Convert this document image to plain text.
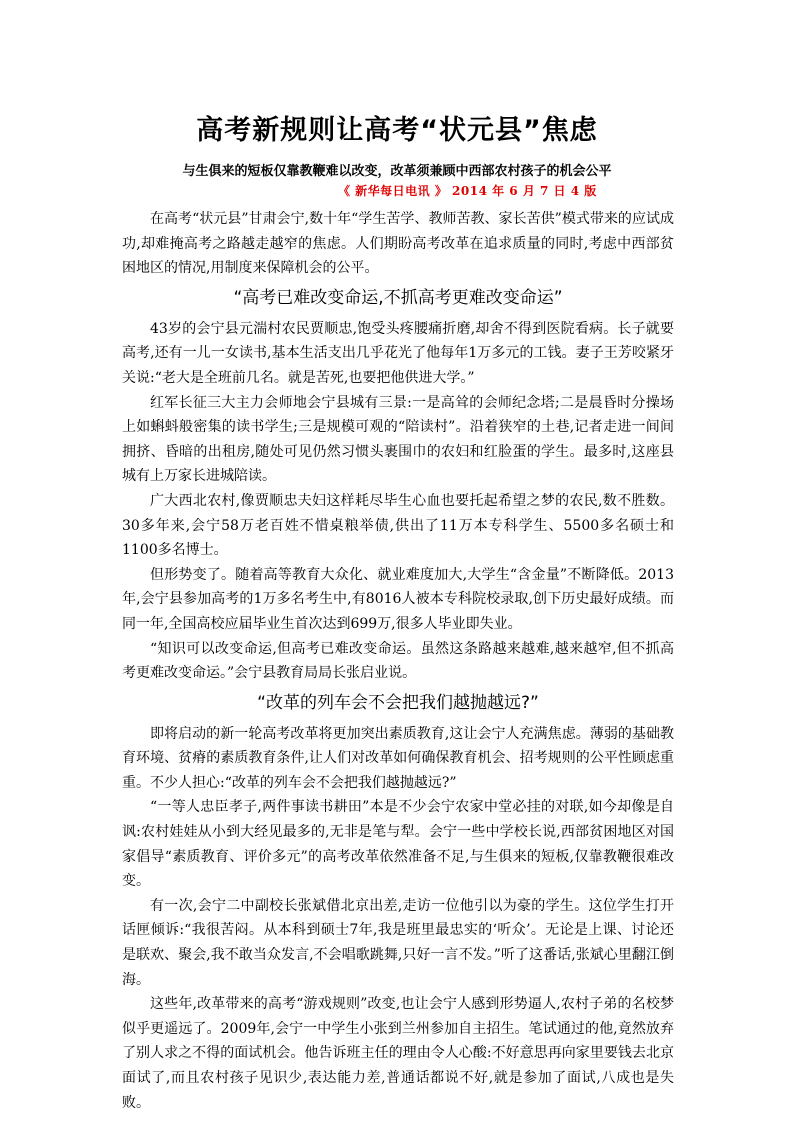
高考新规则让高考“状元县”焦虑
与生俱来的短板仅靠教鞭难以改变，改革须兼顾中西部农村孩子的机会公平
《 新华每日电讯 》 2014 年 6 月 7 日 4 版

在高考“状元县”甘肃会宁,数十年“学生苦学、教师苦教、家长苦供”模式带来的应试成功,却难掩高考之路越走越窄的焦虑。人们期盼高考改革在追求质量的同时,考虑中西部贫困地区的情况,用制度来保障机会的公平。

“高考已难改变命运,不抓高考更难改变命运”

43岁的会宁县元湍村农民贾顺忠,饱受头疼腰痛折磨,却舍不得到医院看病。长子就要高考,还有一儿一女读书,基本生活支出几乎花光了他每年1万多元的工钱。妻子王芳咬紧牙关说:“老大是全班前几名。就是苦死,也要把他供进大学。”

红军长征三大主力会师地会宁县城有三景:一是高耸的会师纪念塔;二是晨昏时分操场上如蝌蚪般密集的读书学生;三是规模可观的“陪读村”。沿着狭窄的土巷,记者走进一间间拥挤、昏暗的出租房,随处可见仍然习惯头裹围巾的农妇和红脸蛋的学生。最多时,这座县城有上万家长进城陪读。

广大西北农村,像贾顺忠夫妇这样耗尽毕生心血也要托起希望之梦的农民,数不胜数。30多年来,会宁58万老百姓不惜桌粮举债,供出了11万本专科学生、5500多名硕士和1100多名博士。

但形势变了。随着高等教育大众化、就业难度加大,大学生“含金量”不断降低。2013年,会宁县参加高考的1万多名考生中,有8016人被本专科院校录取,创下历史最好成绩。而同一年,全国高校应届毕业生首次达到699万,很多人毕业即失业。

“知识可以改变命运,但高考已难改变命运。虽然这条路越来越难,越来越窄,但不抓高考更难改变命运。”会宁县教育局局长张启业说。

“改革的列车会不会把我们越抛越远?”

即将启动的新一轮高考改革将更加突出素质教育,这让会宁人充满焦虑。薄弱的基础教育环境、贫瘠的素质教育条件,让人们对改革如何确保教育机会、招考规则的公平性顾虑重重。不少人担心:“改革的列车会不会把我们越抛越远?”

“一等人忠臣孝子,两件事读书耕田”本是不少会宁农家中堂必挂的对联,如今却像是自讽:农村娃娃从小到大经见最多的,无非是笔与犁。会宁一些中学校长说,西部贫困地区对国家倡导“素质教育、评价多元”的高考改革依然准备不足,与生俱来的短板,仅靠教鞭很难改变。

有一次,会宁二中副校长张斌借北京出差,走访一位他引以为豪的学生。这位学生打开话匣倾诉:“我很苦闷。从本科到硕士7年,我是班里最忠实的‘听众’。无论是上课、讨论还是联欢、聚会,我不敢当众发言,不会唱歌跳舞,只好一言不发。”听了这番话,张斌心里翻江倒海。

这些年,改革带来的高考“游戏规则”改变,也让会宁人感到形势逼人,农村子弟的名校梦似乎更遥远了。2009年,会宁一中学生小张到兰州参加自主招生。笔试通过的他,竟然放弃了别人求之不得的面试机会。他告诉班主任的理由令人心酸:不好意思再向家里要钱去北京面试了,而且农村孩子见识少,表达能力差,普通话都说不好,就是参加了面试,八成也是失败。
